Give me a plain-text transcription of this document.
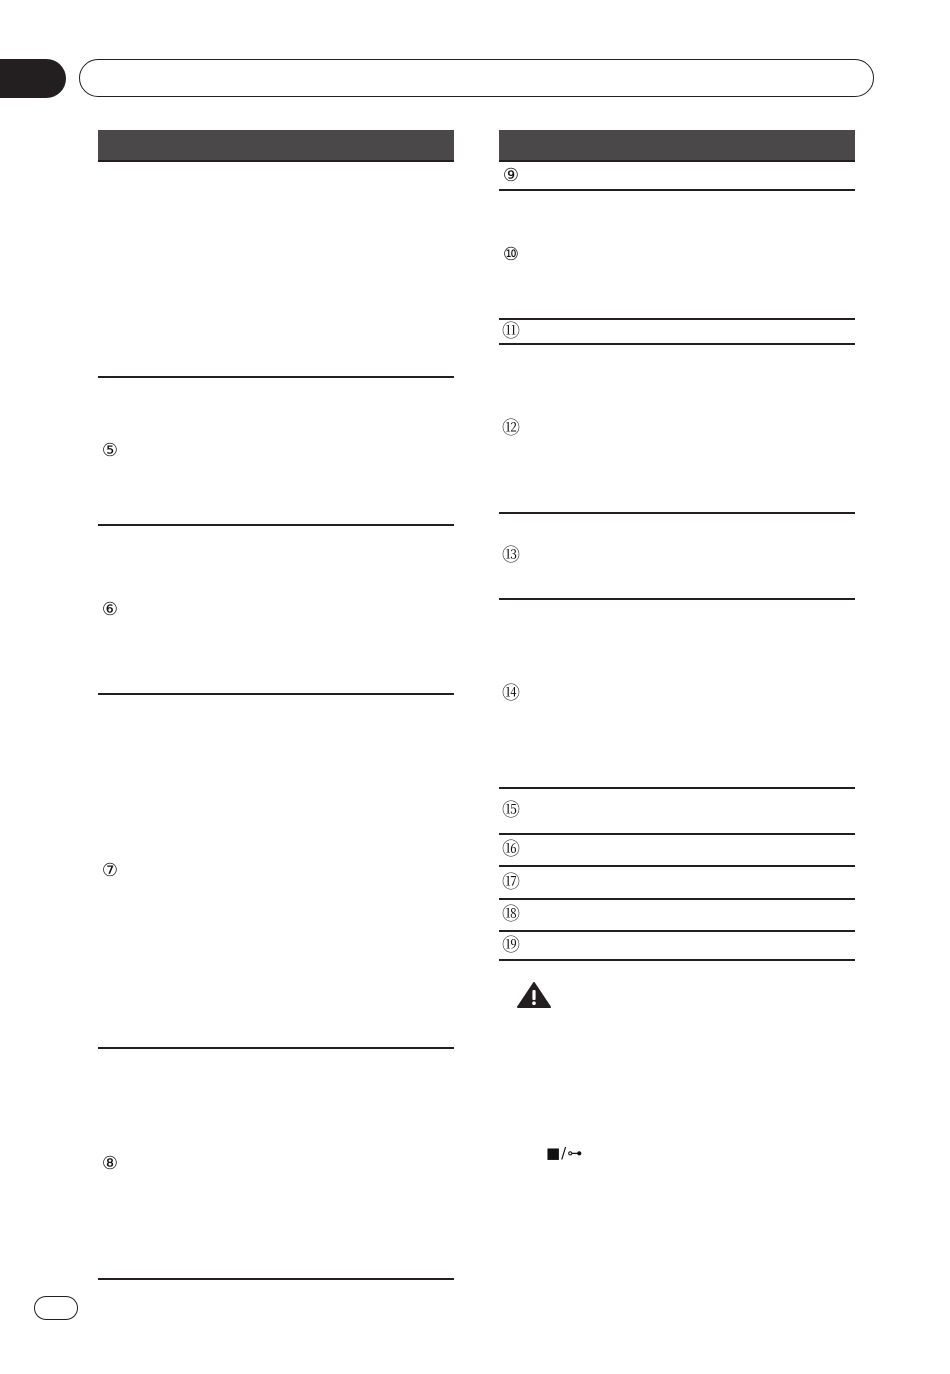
⑤
⑥
⑦
⑧
⑨
⑩
⑪
⑫
⑬
⑭
■/⊶
⑮
⑯
⑰
⑱
⑲
